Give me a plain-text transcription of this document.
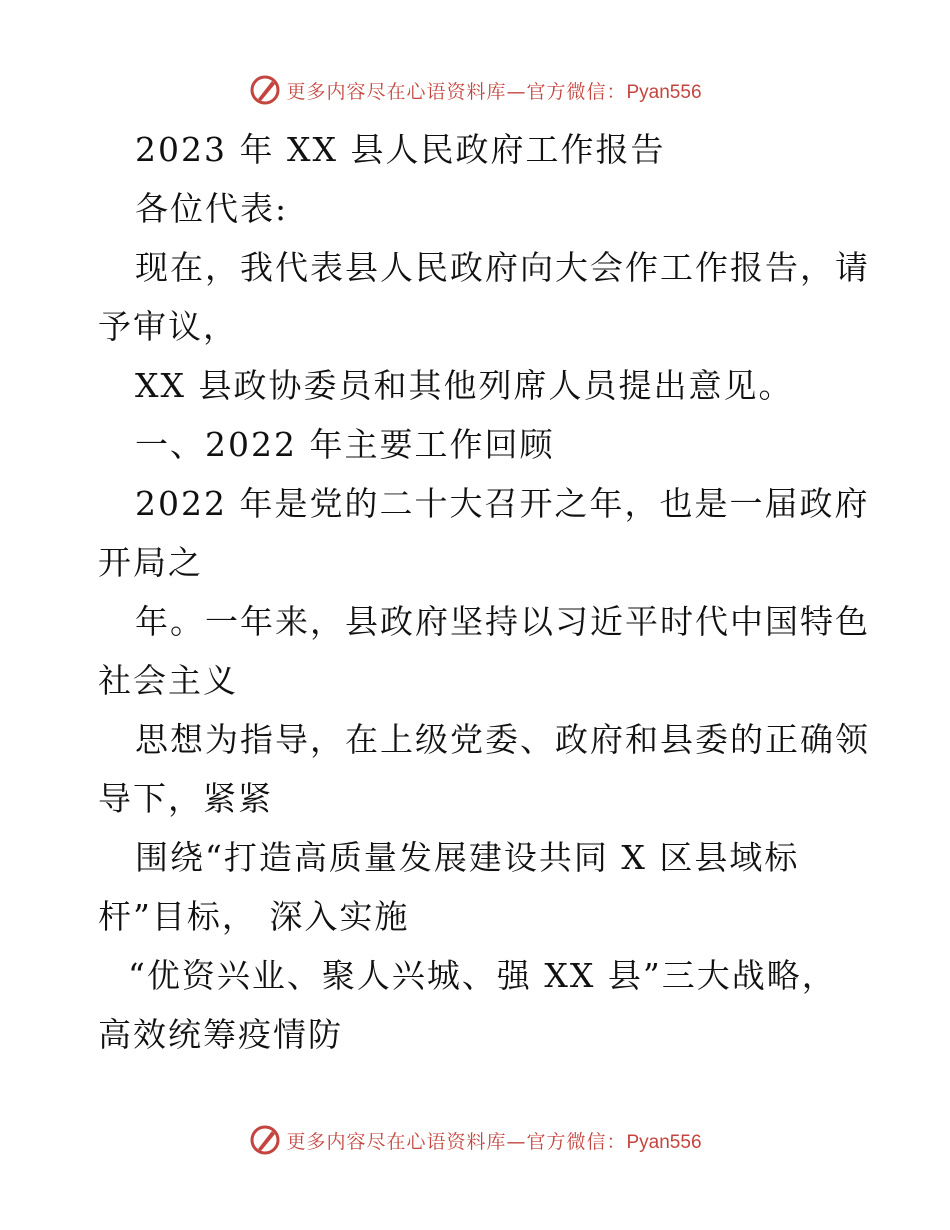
更多内容尽在心语资料库—官方微信：Pyan556
2023 年 XX 县人民政府工作报告
各位代表:
现在，我代表县人民政府向大会作工作报告，请
予审议，
XX 县政协委员和其他列席人员提出意见。
一、2022 年主要工作回顾
2022 年是党的二十大召开之年，也是一届政府
开局之
年。一年来，县政府坚持以习近平时代中国特色
社会主义
思想为指导，在上级党委、政府和县委的正确领
导下，紧紧
围绕“打造高质量发展建设共同 X 区县域标
杆”目标， 深入实施
“优资兴业、聚人兴城、强 XX 县”三大战略，
高效统筹疫情防
更多内容尽在心语资料库—官方微信：Pyan556
